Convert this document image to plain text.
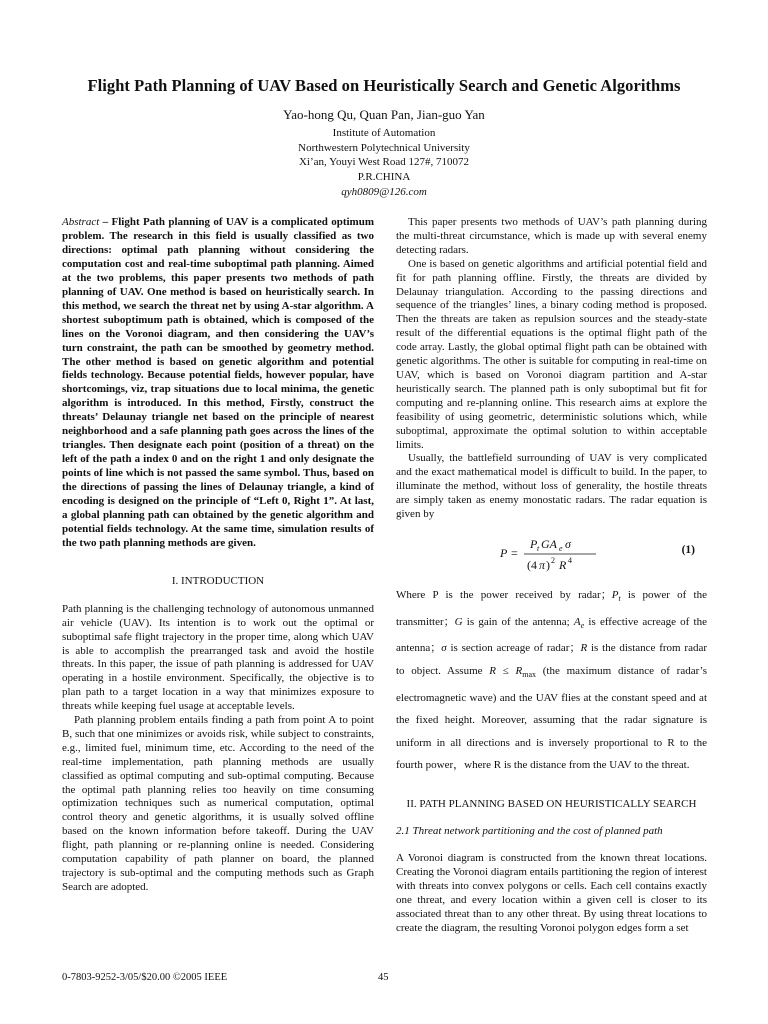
Flight Path Planning of UAV Based on Heuristically Search and Genetic Algorithms
Yao-hong Qu, Quan Pan, Jian-guo Yan
Institute of Automation
Northwestern Polytechnical University
Xi’an, Youyi West Road 127#, 710072
P.R.CHINA
qyh0809@126.com

Abstract – Flight Path planning of UAV is a complicated optimum problem. The research in this field is usually classified as two directions: optimal path planning without considering the computation cost and real-time suboptimal path planning. Aimed at the two problems, this paper presents two methods of path planning of UAV. One method is based on heuristically search. In this method, we search the threat net by using A-star algorithm. A shortest suboptimum path is obtained, which is composed of the lines on the Voronoi diagram, and then considering the UAV’s turn constraint, the path can be smoothed by geometry method. The other method is based on genetic algorithm and potential fields technology. Because potential fields, however popular, have shortcomings, viz, trap situations due to local minima, the genetic algorithm is introduced. In this method, Firstly, construct the threats’ Delaunay triangle net based on the principle of nearest neighborhood and a safe planning path goes across the lines of the triangles. Then designate each point (position of a threat) on the left of the path a index 0 and on the right 1 and only designate the points of line which is not passed the same symbol. Thus, based on the directions of passing the lines of Delaunay triangle, a kind of encoding is designed on the principle of “Left 0, Right 1”. At last, a global planning path can obtained by the genetic algorithm and potential fields technology. At the same time, simulation results of the two path planning methods are given.

I. INTRODUCTION

Path planning is the challenging technology of autonomous unmanned air vehicle (UAV). Its intention is to work out the optimal or suboptimal safe flight trajectory in the proper time, along which UAV is able to accomplish the prearranged task and avoid the hostile threats. In this paper, the issue of path planning is addressed for UAV operating in a hostile environment. Specifically, the objective is to plan path to a target location in a way that minimizes exposure to threats while keeping fuel usage at acceptable levels.

Path planning problem entails finding a path from point A to point B, such that one minimizes or avoids risk, while subject to constraints, e.g., limited fuel, minimum time, etc. According to the need of the real-time implementation, path planning methods are usually classified as optimal computing and sub-optimal computing. Because the optimal path planning relies too heavily on time consuming optimization techniques such as numerical computation, optimal control theory and genetic algorithms, it is usually solved offline based on the known information before takeoff. During the UAV flight, path planning or re-planning online is needed. Considering computation capability of path planner on board, the planned trajectory is sub-optimal and the computing methods such as Graph Search are adopted.

This paper presents two methods of UAV’s path planning during the multi-threat circumstance, which is made up with several enemy detecting radars.

One is based on genetic algorithms and artificial potential field and fit for path planning offline. Firstly, the threats are divided by Delaunay triangulation. According to the passing directions and sequence of the triangles’ lines, a binary coding method is proposed. Then the threats are taken as repulsion sources and the steady-state result of the differential equations is the optimal flight path of the code array. Lastly, the global optimal flight path can be obtained with genetic algorithms. The other is suitable for computing in real-time on UAV, which is based on Voronoi diagram partition and A-star heuristically search. The planned path is only suboptimal but fit for computing and re-planning online. This research aims at explore the feasibility of using geometric, deterministic solutions which, while suboptimal, approximate the optimal solution to within acceptable limits.

Usually, the battlefield surrounding of UAV is very complicated and the exact mathematical model is difficult to build. In the paper, to illuminate the method, without loss of generality, the hostile threats are simply taken as enemy monostatic radars. The radar equation is given by

P =
P t GA e σ
(4 π ) 2 R 4
(1)

Where P is the power received by radar；$P_t$ is power of the transmitter；G is gain of the antenna; $A_e$ is effective acreage of the antenna；σ is section acreage of radar；R is the distance from radar to object. Assume $R \le R_{max}$ (the maximum distance of radar’s electromagnetic wave) and the UAV flies at the constant speed and at the fixed height. Moreover, assuming that the radar signature is uniform in all directions and is inversely proportional to R to the fourth power，where R is the distance from the UAV to the threat.

II. PATH PLANNING BASED ON HEURISTICALLY SEARCH

2.1 Threat network partitioning and the cost of planned path

A Voronoi diagram is constructed from the known threat locations. Creating the Voronoi diagram entails partitioning the region of interest with threats into convex polygons or cells. Each cell contains exactly one threat, and every location within a given cell is closer to its associated threat than to any other threat. By using threat locations to create the diagram, the resulting Voronoi polygon edges form a set

0-7803-9252-3/05/$20.00 ©2005 IEEE	45
